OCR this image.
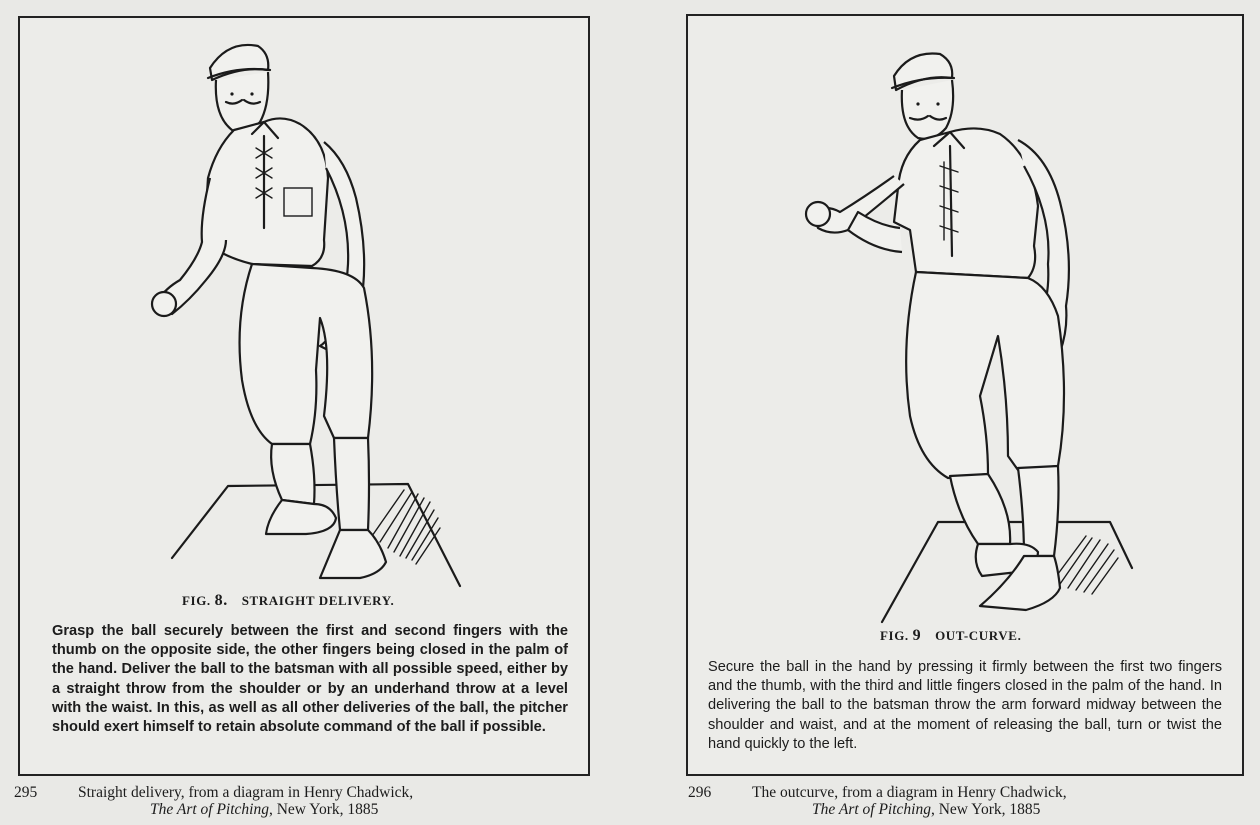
FIG. 8. STRAIGHT DELIVERY.

Grasp the ball securely between the first and second fingers with the thumb on the opposite side, the other fingers being closed in the palm of the hand. Deliver the ball to the batsman with all possible speed, either by a straight throw from the shoulder or by an underhand throw at a level with the waist. In this, as well as all other deliveries of the ball, the pitcher should exert himself to retain absolute command of the ball if possible.

FIG. 9 OUT-CURVE.

Secure the ball in the hand by pressing it firmly between the first two fingers and the thumb, with the third and little fingers closed in the palm of the hand. In delivering the ball to the batsman throw the arm forward midway between the shoulder and waist, and at the moment of releasing the ball, turn or twist the hand quickly to the left.

295	Straight delivery, from a diagram in Henry Chadwick,
The Art of Pitching, New York, 1885
296	The outcurve, from a diagram in Henry Chadwick,
The Art of Pitching, New York, 1885
